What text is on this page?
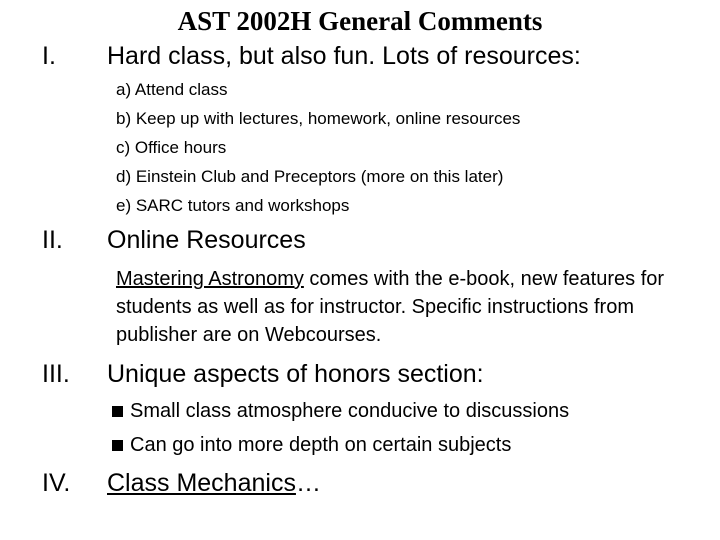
AST 2002H General Comments
I. Hard class, but also fun. Lots of resources:
a) Attend class
b) Keep up with lectures, homework, online resources
c) Office hours
d) Einstein Club and Preceptors (more on this later)
e) SARC tutors and workshops
II. Online Resources

Mastering Astronomy comes with the e-book, new features for students as well as for instructor. Specific instructions from publisher are on Webcourses.

III. Unique aspects of honors section:
Small class atmosphere conducive to discussions
Can go into more depth on certain subjects
IV. Class Mechanics…
